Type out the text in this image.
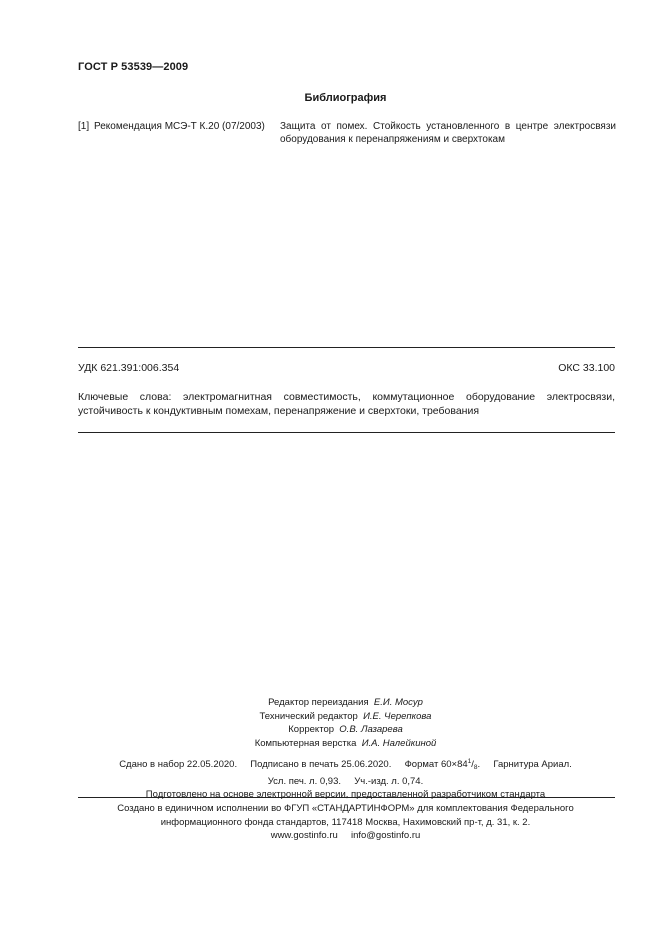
ГОСТ Р 53539—2009
Библиография
[1] Рекомендация МСЭ-Т К.20 (07/2003) Защита от помех. Стойкость установленного в центре электросвязи оборудования к перенапряжениям и сверхтокам
УДК 621.391:006.354	ОКС 33.100
Ключевые слова: электромагнитная совместимость, коммутационное оборудование электросвязи, устойчивость к кондуктивным помехам, перенапряжение и сверхтоки, требования
Редактор переиздания Е.И. Мосур
Технический редактор И.Е. Черепкова
Корректор О.В. Лазарева
Компьютерная верстка И.А. Налейкиной
Сдано в набор 22.05.2020. Подписано в печать 25.06.2020. Формат $60\times 84^1/_8$. Гарнитура Ариал.
Усл. печ. л. 0,93. Уч.-изд. л. 0,74.
Подготовлено на основе электронной версии, предоставленной разработчиком стандарта
Создано в единичном исполнении во ФГУП «СТАНДАРТИНФОРМ» для комплектования Федерального
информационного фонда стандартов, 117418 Москва, Нахимовский пр-т, д. 31, к. 2.
www.gostinfo.ru info@gostinfo.ru
